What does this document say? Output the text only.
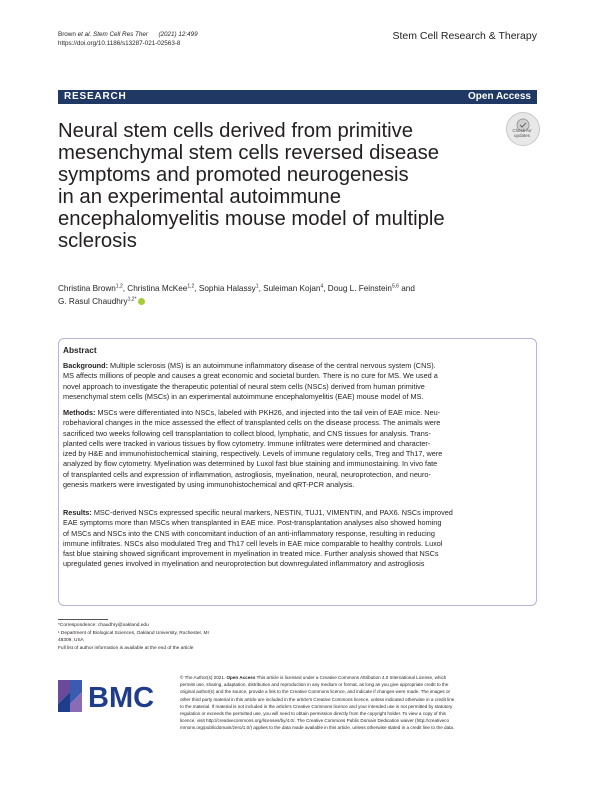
Brown et al. Stem Cell Res Ther (2021) 12:499
https://doi.org/10.1186/s13287-021-02563-8
Stem Cell Research & Therapy
RESEARCH	Open Access
Neural stem cells derived from primitive
mesenchymal stem cells reversed disease
symptoms and promoted neurogenesis
in an experimental autoimmune
encephalomyelitis mouse model of multiple
sclerosis
Check for
updates
Christina Brown$^{1,2}$, Christina McKee$^{1,2}$, Sophia Halassy$^1$, Suleiman Kojan$^4$, Doug L. Feinstein$^{5,6}$ and
G. Rasul Chaudhry$^{1,2*}$
Abstract
Background: Multiple sclerosis (MS) is an autoimmune inflammatory disease of the central nervous system (CNS).
MS affects millions of people and causes a great economic and societal burden. There is no cure for MS. We used a
novel approach to investigate the therapeutic potential of neural stem cells (NSCs) derived from human primitive
mesenchymal stem cells (MSCs) in an experimental autoimmune encephalomyelitis (EAE) mouse model of MS.
Methods: MSCs were differentiated into NSCs, labeled with PKH26, and injected into the tail vein of EAE mice. Neu-
robehavioral changes in the mice assessed the effect of transplanted cells on the disease process. The animals were
sacrificed two weeks following cell transplantation to collect blood, lymphatic, and CNS tissues for analysis. Trans-
planted cells were tracked in various tissues by flow cytometry. Immune infiltrates were determined and character-
ized by H&E and immunohistochemical staining, respectively. Levels of immune regulatory cells, Treg and Th17, were
analyzed by flow cytometry. Myelination was determined by Luxol fast blue staining and immunostaining. In vivo fate
of transplanted cells and expression of inflammation, astrogliosis, myelination, neural, neuroprotection, and neuro-
genesis markers were investigated by using immunohistochemical and qRT-PCR analysis.
Results: MSC-derived NSCs expressed specific neural markers, NESTIN, TUJ1, VIMENTIN, and PAX6. NSCs improved
EAE symptoms more than MSCs when transplanted in EAE mice. Post-transplantation analyses also showed homing
of MSCs and NSCs into the CNS with concomitant induction of an anti-inflammatory response, resulting in reducing
immune infiltrates. NSCs also modulated Treg and Th17 cell levels in EAE mice comparable to healthy controls. Luxol
fast blue staining showed significant improvement in myelination in treated mice. Further analysis showed that NSCs
upregulated genes involved in myelination and neuroprotection but downregulated inflammatory and astrogliosis
*Correspondence: chaudhry@oakland.edu
¹ Department of Biological Sciences, Oakland University, Rochester, MI
48309, USA
Full list of author information is available at the end of the article
BMC
© The Author(s) 2021. Open Access This article is licensed under a Creative Commons Attribution 4.0 International License, which
permits use, sharing, adaptation, distribution and reproduction in any medium or format, as long as you give appropriate credit to the
original author(s) and the source, provide a link to the Creative Commons licence, and indicate if changes were made. The images or
other third party material in this article are included in the article's Creative Commons licence, unless indicated otherwise in a credit line
to the material. If material is not included in the article's Creative Commons licence and your intended use is not permitted by statutory
regulation or exceeds the permitted use, you will need to obtain permission directly from the copyright holder. To view a copy of this
licence, visit http://creativecommons.org/licenses/by/4.0/. The Creative Commons Public Domain Dedication waiver (http://creativeco
mmons.org/publicdomain/zero/1.0/) applies to the data made available in this article, unless otherwise stated in a credit line to the data.
